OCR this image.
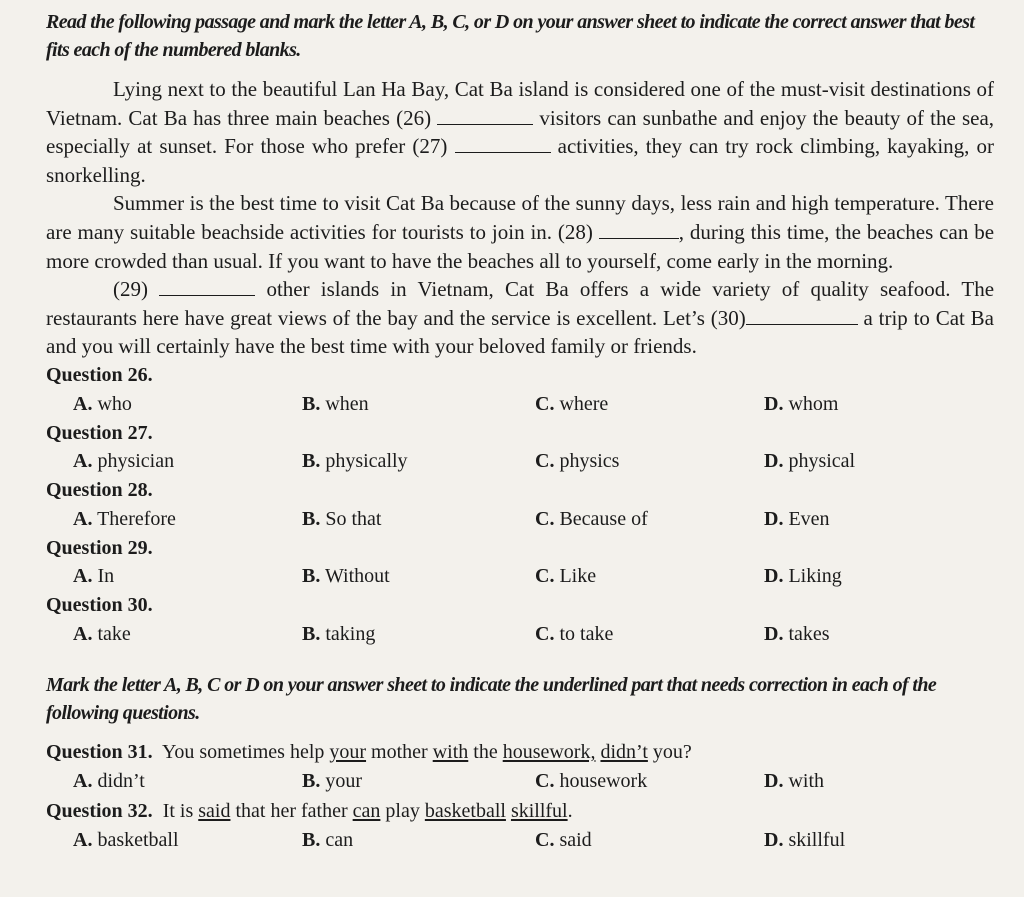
Read the following passage and mark the letter A, B, C, or D on your answer sheet to indicate the correct answer that best fits each of the numbered blanks.

Lying next to the beautiful Lan Ha Bay, Cat Ba island is considered one of the must-visit destinations of Vietnam. Cat Ba has three main beaches (26)	visitors can sunbathe and enjoy the beauty of the sea, especially at sunset. For those who prefer (27)	activities, they can try rock climbing, kayaking, or snorkelling.

Summer is the best time to visit Cat Ba because of the sunny days, less rain and high temperature. There are many suitable beachside activities for tourists to join in. (28)	, during this time, the beaches can be more crowded than usual. If you want to have the beaches all to yourself, come early in the morning.

(29)	other islands in Vietnam, Cat Ba offers a wide variety of quality seafood. The restaurants here have great views of the bay and the service is excellent. Let’s (30)	a trip to Cat Ba and you will certainly have the best time with your beloved family or friends.

Question 26.
A. who	B. when	C. where	D. whom
Question 27.
A. physician	B. physically	C. physics	D. physical
Question 28.
A. Therefore	B. So that	C. Because of	D. Even
Question 29.
A. In	B. Without	C. Like	D. Liking
Question 30.
A. take	B. taking	C. to take	D. takes

Mark the letter A, B, C or D on your answer sheet to indicate the underlined part that needs correction in each of the following questions.

Question 31. You sometimes help your mother with the housework, didn’t you?
A. didn’t	B. your	C. housework	D. with
Question 32. It is said that her father can play basketball skillful.
A. basketball	B. can	C. said	D. skillful
